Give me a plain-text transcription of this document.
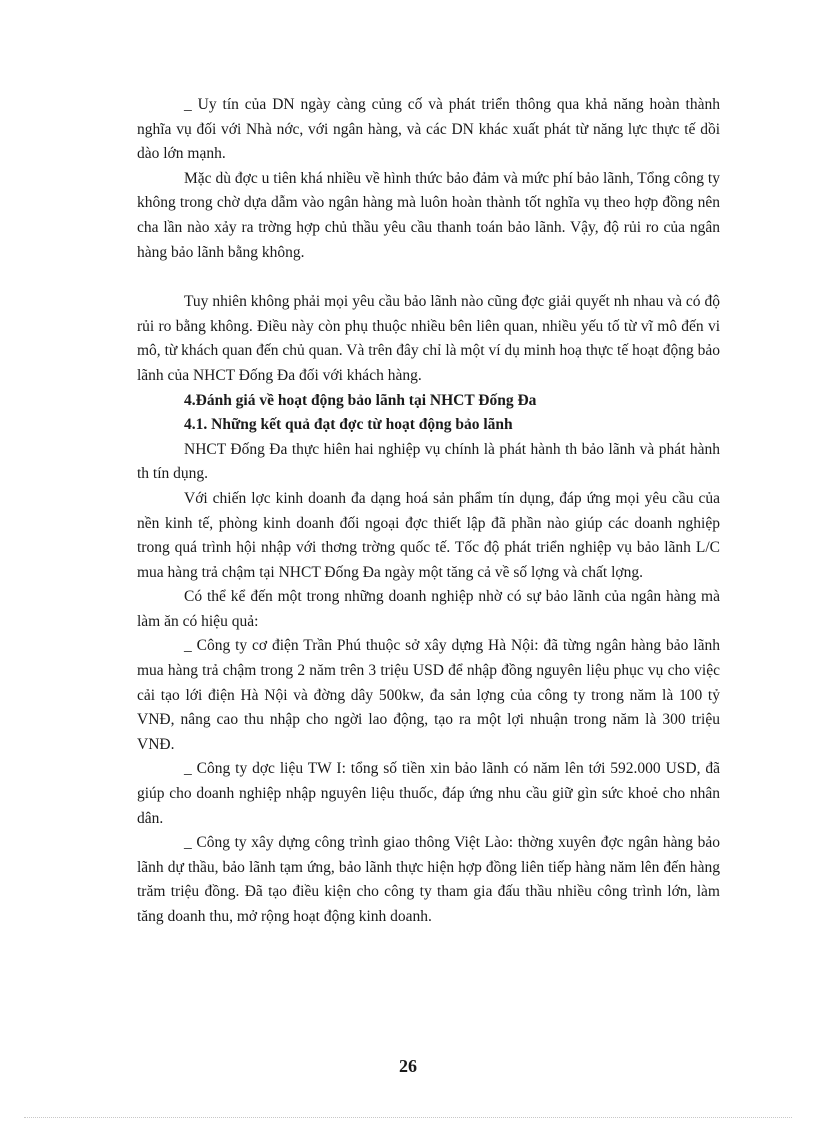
_ Uy tín của DN ngày càng củng cố và phát triển thông qua khả năng hoàn thành nghĩa vụ đối với Nhà nớc, với ngân hàng, và các DN khác xuất phát từ năng lực thực tế dồi dào lớn mạnh.

Mặc dù đợc u tiên khá nhiều về hình thức bảo đảm và mức phí bảo lãnh, Tổng công ty không trong chờ dựa dẫm vào ngân hàng mà luôn hoàn thành tốt nghĩa vụ theo hợp đồng nên cha lần nào xảy ra trờng hợp chủ thầu yêu cầu thanh toán bảo lãnh. Vậy, độ rủi ro của ngân hàng bảo lãnh bằng không.

Tuy nhiên không phải mọi yêu cầu bảo lãnh nào cũng đợc giải quyết nh nhau và có độ rủi ro bằng không. Điều này còn phụ thuộc nhiều bên liên quan, nhiều yếu tố từ vĩ mô đến vi mô, từ khách quan đến chủ quan. Và trên đây chỉ là một ví dụ minh hoạ thực tế hoạt động bảo lãnh của NHCT Đống Đa đối với khách hàng.

4.Đánh giá về hoạt động bảo lãnh tại NHCT Đống Đa

4.1. Những kết quả đạt đợc từ hoạt động bảo lãnh

NHCT Đống Đa thực hiên hai nghiệp vụ chính là phát hành th bảo lãnh và phát hành th tín dụng.

Với chiến lợc kinh doanh đa dạng hoá sản phẩm tín dụng, đáp ứng mọi yêu cầu của nền kinh tế, phòng kinh doanh đối ngoại đợc thiết lập đã phần nào giúp các doanh nghiệp trong quá trình hội nhập với thơng trờng quốc tế. Tốc độ phát triển nghiệp vụ bảo lãnh L/C mua hàng trả chậm tại NHCT Đống Đa ngày một tăng cả về số lợng và chất lợng.

Có thể kể đến một trong những doanh nghiệp nhờ có sự bảo lãnh của ngân hàng mà làm ăn có hiệu quả:

_ Công ty cơ điện Trần Phú thuộc sở xây dựng Hà Nội: đã từng ngân hàng bảo lãnh mua hàng trả chậm trong 2 năm trên 3 triệu USD để nhập đồng nguyên liệu phục vụ cho việc cải tạo lới điện Hà Nội và đờng dây 500kw, đa sản lợng của công ty trong năm là 100 tỷ VNĐ, nâng cao thu nhập cho ngời lao động, tạo ra một lợi nhuận trong năm là 300 triệu VNĐ.

_ Công ty dợc liệu TW I: tổng số tiền xin bảo lãnh có năm lên tới 592.000 USD, đã giúp cho doanh nghiệp nhập nguyên liệu thuốc, đáp ứng nhu cầu giữ gìn sức khoẻ cho nhân dân.

_ Công ty xây dựng công trình giao thông Việt Lào: thờng xuyên đợc ngân hàng bảo lãnh dự thầu, bảo lãnh tạm ứng, bảo lãnh thực hiện hợp đồng liên tiếp hàng năm lên đến hàng trăm triệu đồng. Đã tạo điều kiện cho công ty tham gia đấu thầu nhiều công trình lớn, làm tăng doanh thu, mở rộng hoạt động kinh doanh.

26
